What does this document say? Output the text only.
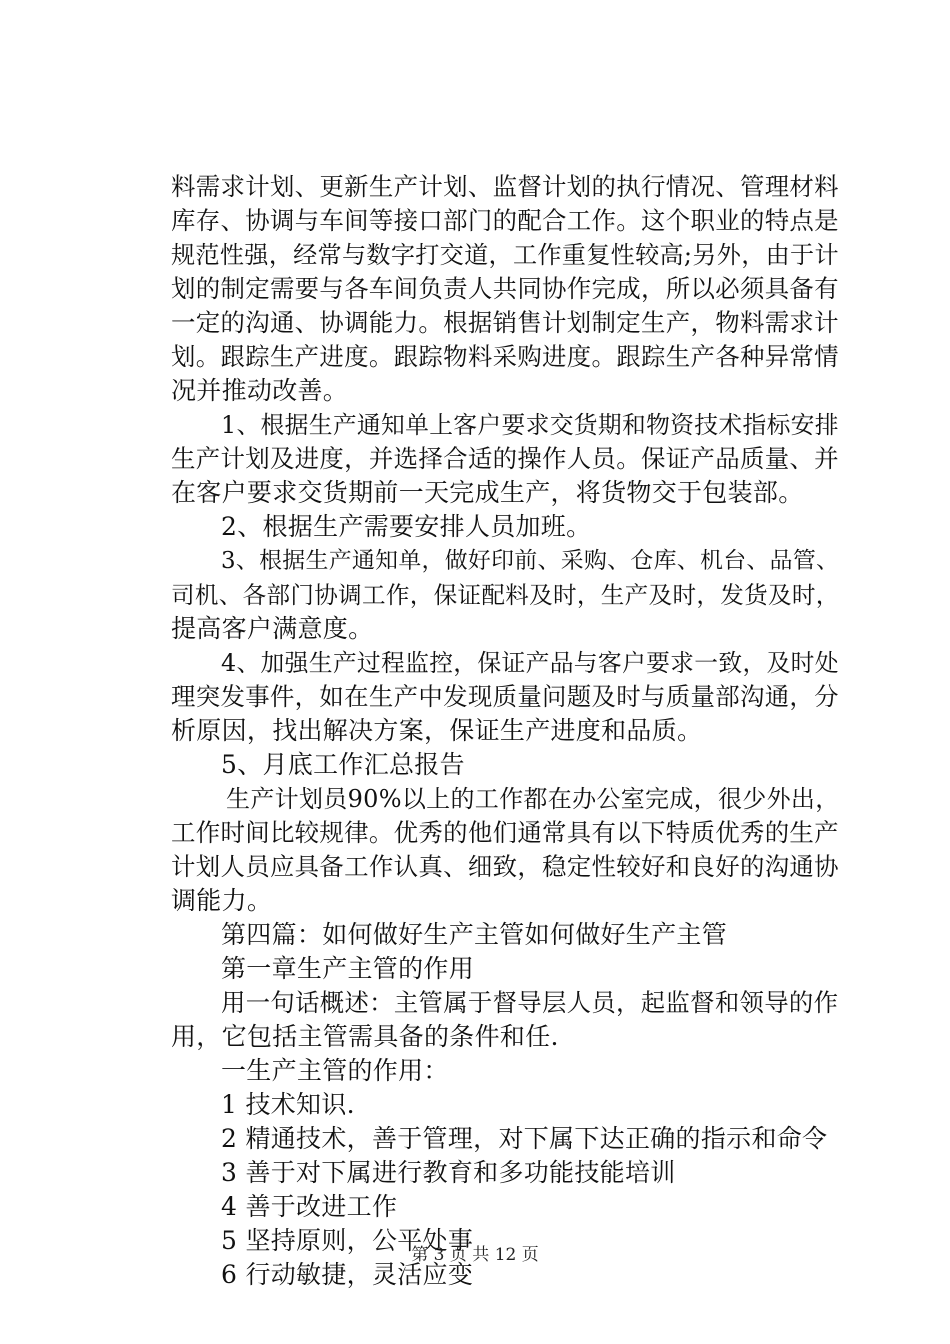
料需求计划、更新生产计划、监督计划的执行情况、管理材料
库存、协调与车间等接口部门的配合工作。这个职业的特点是
规范性强，经常与数字打交道，工作重复性较高;另外，由于计
划的制定需要与各车间负责人共同协作完成，所以必须具备有
一定的沟通、协调能力。根据销售计划制定生产，物料需求计
划。跟踪生产进度。跟踪物料采购进度。跟踪生产各种异常情
况并推动改善。
1、根据生产通知单上客户要求交货期和物资技术指标安排
生产计划及进度，并选择合适的操作人员。保证产品质量、并
在客户要求交货期前一天完成生产，将货物交于包装部。
2、根据生产需要安排人员加班。
3、根据生产通知单，做好印前、采购、仓库、机台、品管、
司机、各部门协调工作，保证配料及时，生产及时，发货及时，
提高客户满意度。
4、加强生产过程监控，保证产品与客户要求一致，及时处
理突发事件，如在生产中发现质量问题及时与质量部沟通，分
析原因，找出解决方案，保证生产进度和品质。
5、月底工作汇总报告
生产计划员90%以上的工作都在办公室完成，很少外出，
工作时间比较规律。优秀的他们通常具有以下特质优秀的生产
计划人员应具备工作认真、细致，稳定性较好和良好的沟通协
调能力。
第四篇：如何做好生产主管如何做好生产主管
第一章生产主管的作用
用一句话概述：主管属于督导层人员，起监督和领导的作
用，它包括主管需具备的条件和任.
一生产主管的作用：
1 技术知识.
2 精通技术，善于管理，对下属下达正确的指示和命令
3 善于对下属进行教育和多功能技能培训
4 善于改进工作
5 坚持原则，公平处事
6 行动敏捷，灵活应变
第 3 页 共 12 页
